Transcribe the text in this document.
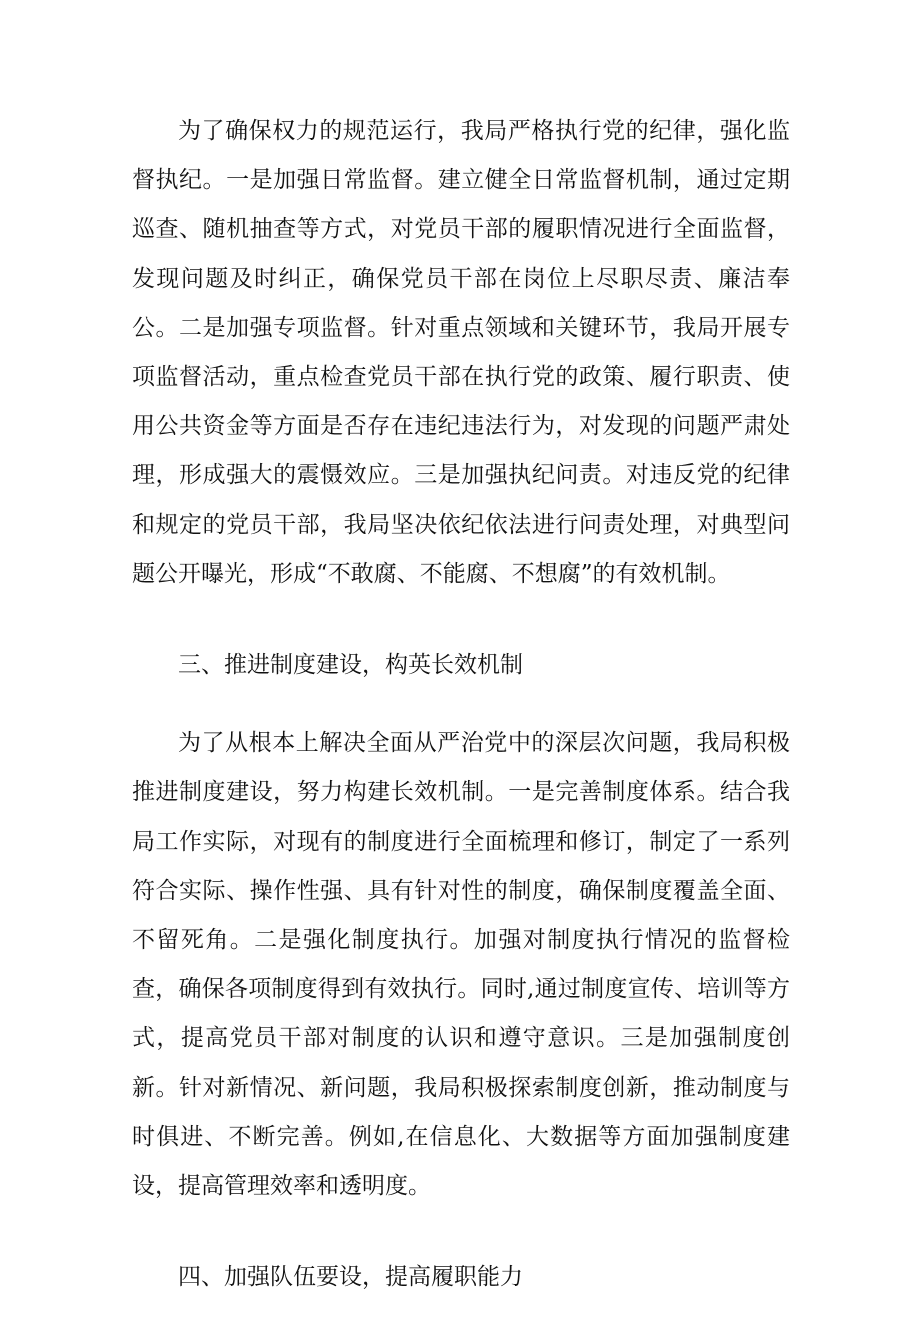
为了确保权力的规范运行，我局严格执行党的纪律，强化监督执纪。一是加强日常监督。建立健全日常监督机制，通过定期巡查、随机抽查等方式，对党员干部的履职情况进行全面监督，发现问题及时纠正，确保党员干部在岗位上尽职尽责、廉洁奉公。二是加强专项监督。针对重点领域和关键环节，我局开展专项监督活动，重点检查党员干部在执行党的政策、履行职责、使用公共资金等方面是否存在违纪违法行为，对发现的问题严肃处理，形成强大的震慑效应。三是加强执纪问责。对违反党的纪律和规定的党员干部，我局坚决依纪依法进行问责处理，对典型问题公开曝光，形成“不敢腐、不能腐、不想腐”的有效机制。

三、推进制度建设，构英长效机制

为了从根本上解决全面从严治党中的深层次问题，我局积极推进制度建设，努力构建长效机制。一是完善制度体系。结合我局工作实际，对现有的制度进行全面梳理和修订，制定了一系列符合实际、操作性强、具有针对性的制度，确保制度覆盖全面、不留死角。二是强化制度执行。加强对制度执行情况的监督检查，确保各项制度得到有效执行。同时,通过制度宣传、培训等方式，提高党员干部对制度的认识和遵守意识。三是加强制度创新。针对新情况、新问题，我局积极探索制度创新，推动制度与时俱进、不断完善。例如,在信息化、大数据等方面加强制度建设，提高管理效率和透明度。

四、加强队伍要设，提高履职能力
